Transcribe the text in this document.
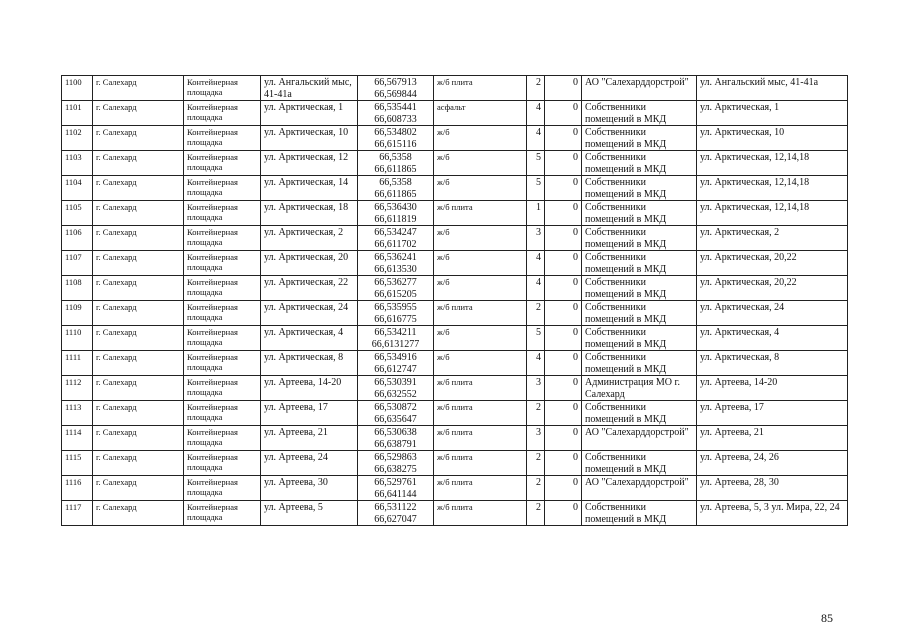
1100	г. Салехард	Контейнерная площадка	ул. Ангальский мыс, 41-41а	66,567913 66,569844	ж/б плита	2	0	АО "Салехарддорстрой"	ул. Ангальский мыс, 41-41а
1101	г. Салехард	Контейнерная площадка	ул. Арктическая, 1	66,535441 66,608733	асфальт	4	0	Собственники помещений в МКД	ул. Арктическая, 1
1102	г. Салехард	Контейнерная площадка	ул. Арктическая, 10	66,534802 66,615116	ж/б	4	0	Собственники помещений в МКД	ул. Арктическая, 10
1103	г. Салехард	Контейнерная площадка	ул. Арктическая, 12	66,5358 66,611865	ж/б	5	0	Собственники помещений в МКД	ул. Арктическая, 12,14,18
1104	г. Салехард	Контейнерная площадка	ул. Арктическая, 14	66,5358 66,611865	ж/б	5	0	Собственники помещений в МКД	ул. Арктическая, 12,14,18
1105	г. Салехард	Контейнерная площадка	ул. Арктическая, 18	66,536430 66,611819	ж/б плита	1	0	Собственники помещений в МКД	ул. Арктическая, 12,14,18
1106	г. Салехард	Контейнерная площадка	ул. Арктическая, 2	66,534247 66,611702	ж/б	3	0	Собственники помещений в МКД	ул. Арктическая, 2
1107	г. Салехард	Контейнерная площадка	ул. Арктическая, 20	66,536241 66,613530	ж/б	4	0	Собственники помещений в МКД	ул. Арктическая, 20,22
1108	г. Салехард	Контейнерная площадка	ул. Арктическая, 22	66,536277 66,615205	ж/б	4	0	Собственники помещений в МКД	ул. Арктическая, 20,22
1109	г. Салехард	Контейнерная площадка	ул. Арктическая, 24	66,535955 66,616775	ж/б плита	2	0	Собственники помещений в МКД	ул. Арктическая, 24
1110	г. Салехард	Контейнерная площадка	ул. Арктическая, 4	66,534211 66,6131277	ж/б	5	0	Собственники помещений в МКД	ул. Арктическая, 4
1111	г. Салехард	Контейнерная площадка	ул. Арктическая, 8	66,534916 66,612747	ж/б	4	0	Собственники помещений в МКД	ул. Арктическая, 8
1112	г. Салехард	Контейнерная площадка	ул. Артеева, 14-20	66,530391 66,632552	ж/б плита	3	0	Администрация МО г. Салехард	ул. Артеева, 14-20
1113	г. Салехард	Контейнерная площадка	ул. Артеева, 17	66,530872 66,635647	ж/б плита	2	0	Собственники помещений в МКД	ул. Артеева, 17
1114	г. Салехард	Контейнерная площадка	ул. Артеева, 21	66,530638 66,638791	ж/б плита	3	0	АО "Салехарддорстрой"	ул. Артеева, 21
1115	г. Салехард	Контейнерная площадка	ул. Артеева, 24	66,529863 66,638275	ж/б плита	2	0	Собственники помещений в МКД	ул. Артеева, 24, 26
1116	г. Салехард	Контейнерная площадка	ул. Артеева, 30	66,529761 66,641144	ж/б плита	2	0	АО "Салехарддорстрой"	ул. Артеева, 28, 30
1117	г. Салехард	Контейнерная площадка	ул. Артеева, 5	66,531122 66,627047	ж/б плита	2	0	Собственники помещений в МКД	ул. Артеева, 5, 3 ул. Мира, 22, 24
85
